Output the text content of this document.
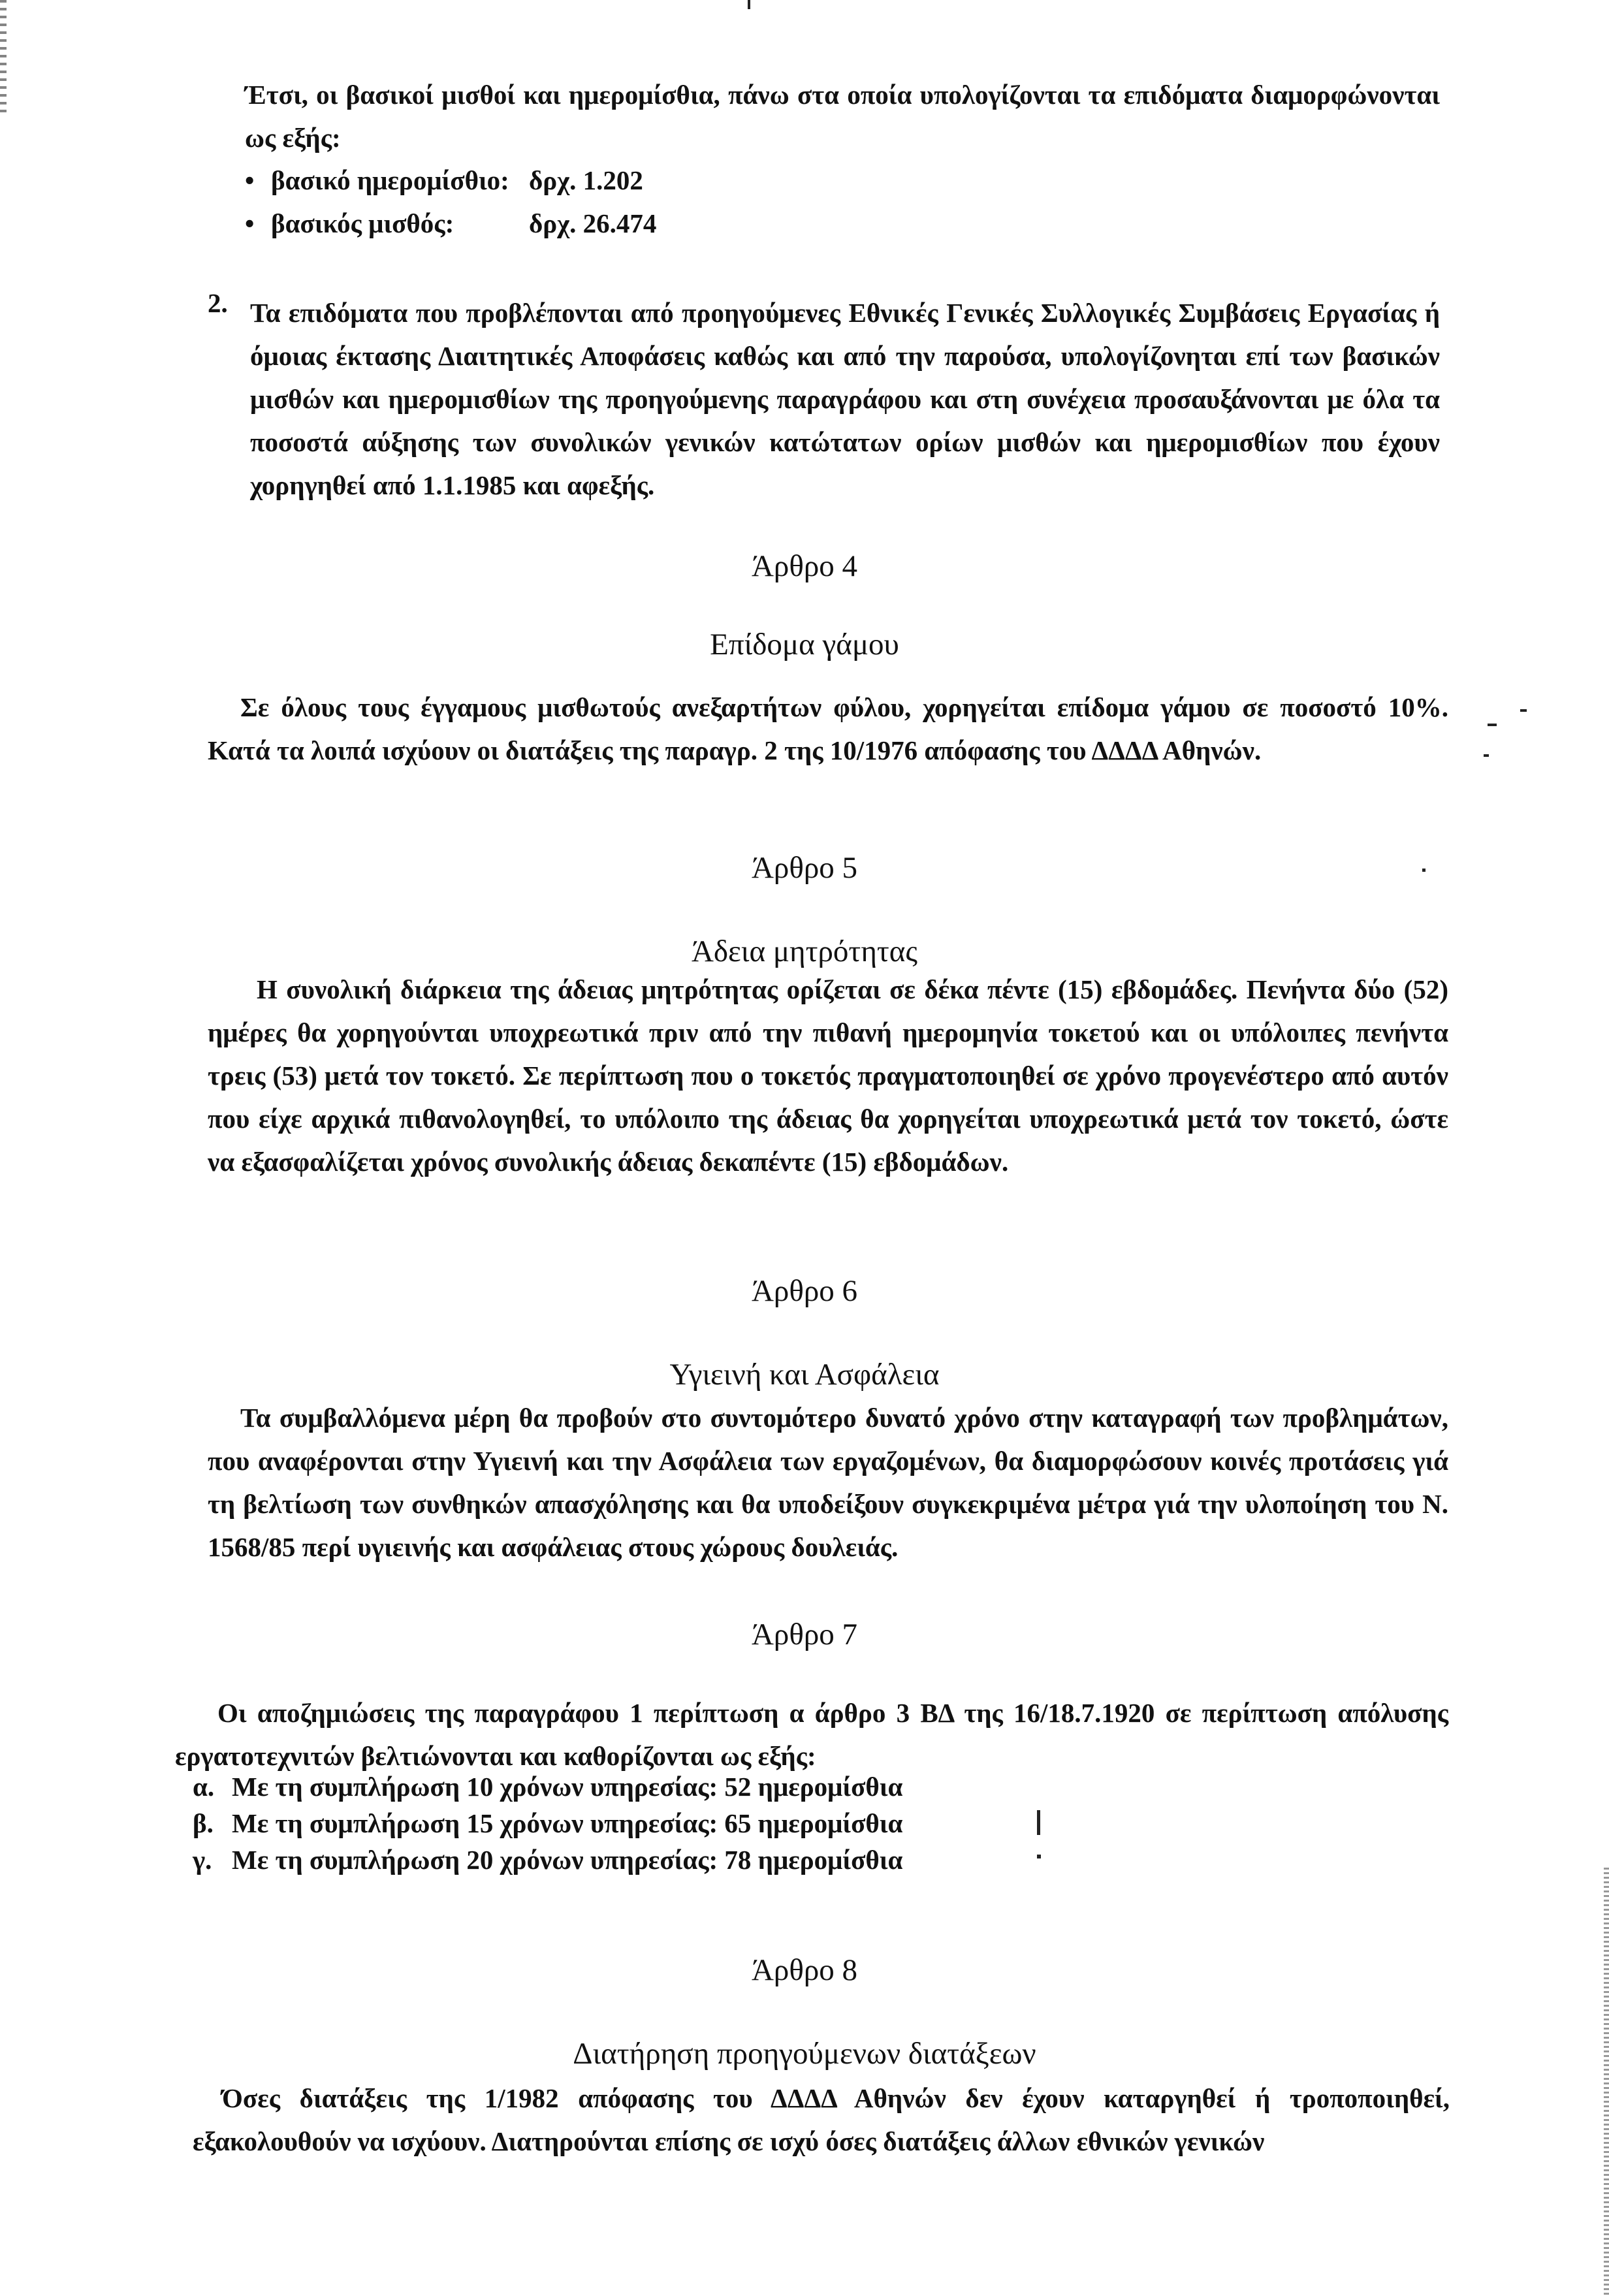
Έτσι, οι βασικοί μισθοί και ημερομίσθια, πάνω στα οποία υπολογίζονται τα επιδόματα διαμορφώνονται ως εξής:

• βασικό ημερομίσθιο: δρχ. 1.202
• βασικός μισθός:	δρχ. 26.474
2. Τα επιδόματα που προβλέπονται από προηγούμενες Εθνικές Γενικές Συλλογικές Συμβάσεις Εργασίας ή όμοιας έκτασης Διαιτητικές Αποφάσεις καθώς και από την παρούσα, υπολογίζονηται επί των βασικών μισθών και ημερομισθίων της προηγούμενης παραγράφου και στη συνέχεια προσαυξάνονται με όλα τα ποσοστά αύξησης των συνολικών γενικών κατώτατων ορίων μισθών και ημερομισθίων που έχουν χορηγηθεί από 1.1.1985 και αφεξής.

Άρθρο 4
Επίδομα γάμου

Σε όλους τους έγγαμους μισθωτούς ανεξαρτήτων φύλου, χορηγείται επίδομα γάμου σε ποσοστό 10%. Κατά τα λοιπά ισχύουν οι διατάξεις της παραγρ. 2 της 10/1976 απόφασης του ΔΔΔΔ Αθηνών.

Άρθρο 5
Άδεια μητρότητας

Η συνολική διάρκεια της άδειας μητρότητας ορίζεται σε δέκα πέντε (15) εβδομάδες. Πενήντα δύο (52) ημέρες θα χορηγούνται υποχρεωτικά πριν από την πιθανή ημερομηνία τοκετού και οι υπόλοιπες πενήντα τρεις (53) μετά τον τοκετό. Σε περίπτωση που ο τοκετός πραγματοποιηθεί σε χρόνο προγενέστερο από αυτόν που είχε αρχικά πιθανολογηθεί, το υπόλοιπο της άδειας θα χορηγείται υποχρεωτικά μετά τον τοκετό, ώστε να εξασφαλίζεται χρόνος συνολικής άδειας δεκαπέντε (15) εβδομάδων.

Άρθρο 6
Υγιεινή και Ασφάλεια

Τα συμβαλλόμενα μέρη θα προβούν στο συντομότερο δυνατό χρόνο στην καταγραφή των προβλημάτων, που αναφέρονται στην Υγιεινή και την Ασφάλεια των εργαζομένων, θα διαμορφώσουν κοινές προτάσεις γιά τη βελτίωση των συνθηκών απασχόλησης και θα υποδείξουν συγκεκριμένα μέτρα γιά την υλοποίηση του Ν. 1568/85 περί υγιεινής και ασφάλειας στους χώρους δουλειάς.

Άρθρο 7

Οι αποζημιώσεις της παραγράφου 1 περίπτωση α άρθρο 3 ΒΔ της 16/18.7.1920 σε περίπτωση απόλυσης εργατοτεχνιτών βελτιώνονται και καθορίζονται ως εξής:

α. Με τη συμπλήρωση 10 χρόνων υπηρεσίας: 52 ημερομίσθια
β. Με τη συμπλήρωση 15 χρόνων υπηρεσίας: 65 ημερομίσθια
γ. Με τη συμπλήρωση 20 χρόνων υπηρεσίας: 78 ημερομίσθια
Άρθρο 8
Διατήρηση προηγούμενων διατάξεων

Όσες διατάξεις της 1/1982 απόφασης του ΔΔΔΔ Αθηνών δεν έχουν καταργηθεί ή τροποποιηθεί, εξακολουθούν να ισχύουν. Διατηρούνται επίσης σε ισχύ όσες διατάξεις άλλων εθνικών γενικών
